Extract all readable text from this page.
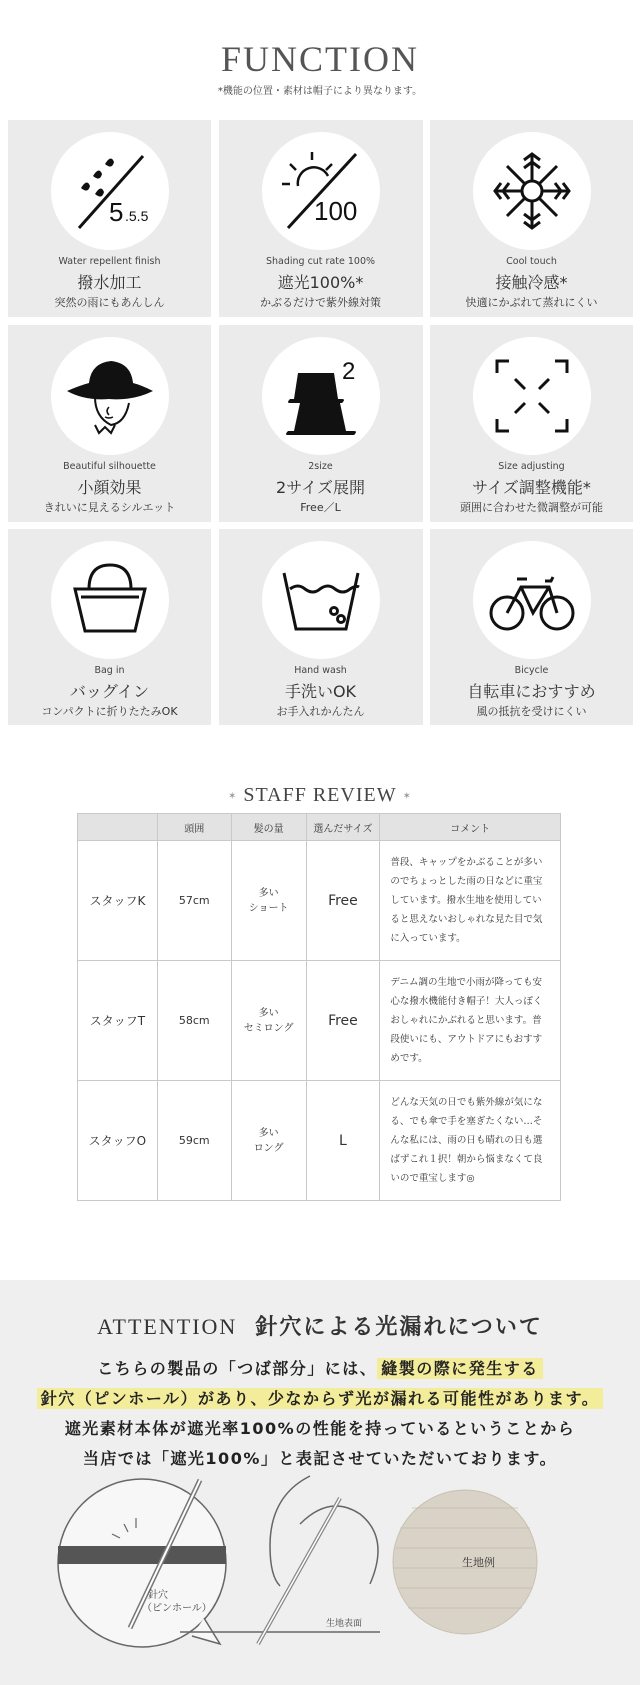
FUNCTION
*機能の位置・素材は帽子により異なります。
5 .5.5
Water repellent finish
撥水加工
突然の雨にもあんしん
100
Shading cut rate 100%
遮光100%*
かぶるだけで紫外線対策
Cool touch
接触冷感*
快適にかぶれて蒸れにくい
Beautiful silhouette
小顔効果
きれいに見えるシルエット
2
2size
2サイズ展開
Free／L
Size adjusting
サイズ調整機能*
頭囲に合わせた微調整が可能
Bag in
バッグイン
コンパクトに折りたたみOK
Hand wash
手洗いOK
お手入れかんたん
Bicycle
自転車におすすめ
風の抵抗を受けにくい
✶ STAFF REVIEW ✶
	頭囲	髪の量	選んだサイズ	コメント
スタッフK	57cm	多い
ショート	Free	普段、キャップをかぶることが多いのでちょっとした雨の日などに重宝しています。撥水生地を使用していると思えないおしゃれな見た目で気に入っています。
スタッフT	58cm	多い
セミロング	Free	デニム調の生地で小雨が降っても安心な撥水機能付き帽子！大人っぽくおしゃれにかぶれると思います。普段使いにも、アウトドアにもおすすめです。
スタッフO	59cm	多い
ロング	L	どんな天気の日でも紫外線が気になる、でも傘で手を塞ぎたくない…そんな私には、雨の日も晴れの日も選ばずこれ１択！朝から悩まなくて良いので重宝します◎
ATTENTION 針穴による光漏れについて
こちらの製品の「つば部分」には、 縫製の際に発生する
針穴（ピンホール）があり、少なからず光が漏れる可能性があります。
遮光素材本体が遮光率100%の性能を持っているということから
当店では「遮光100%」と表記させていただいております。
針穴
（ピンホール）
生地表面
生地例
